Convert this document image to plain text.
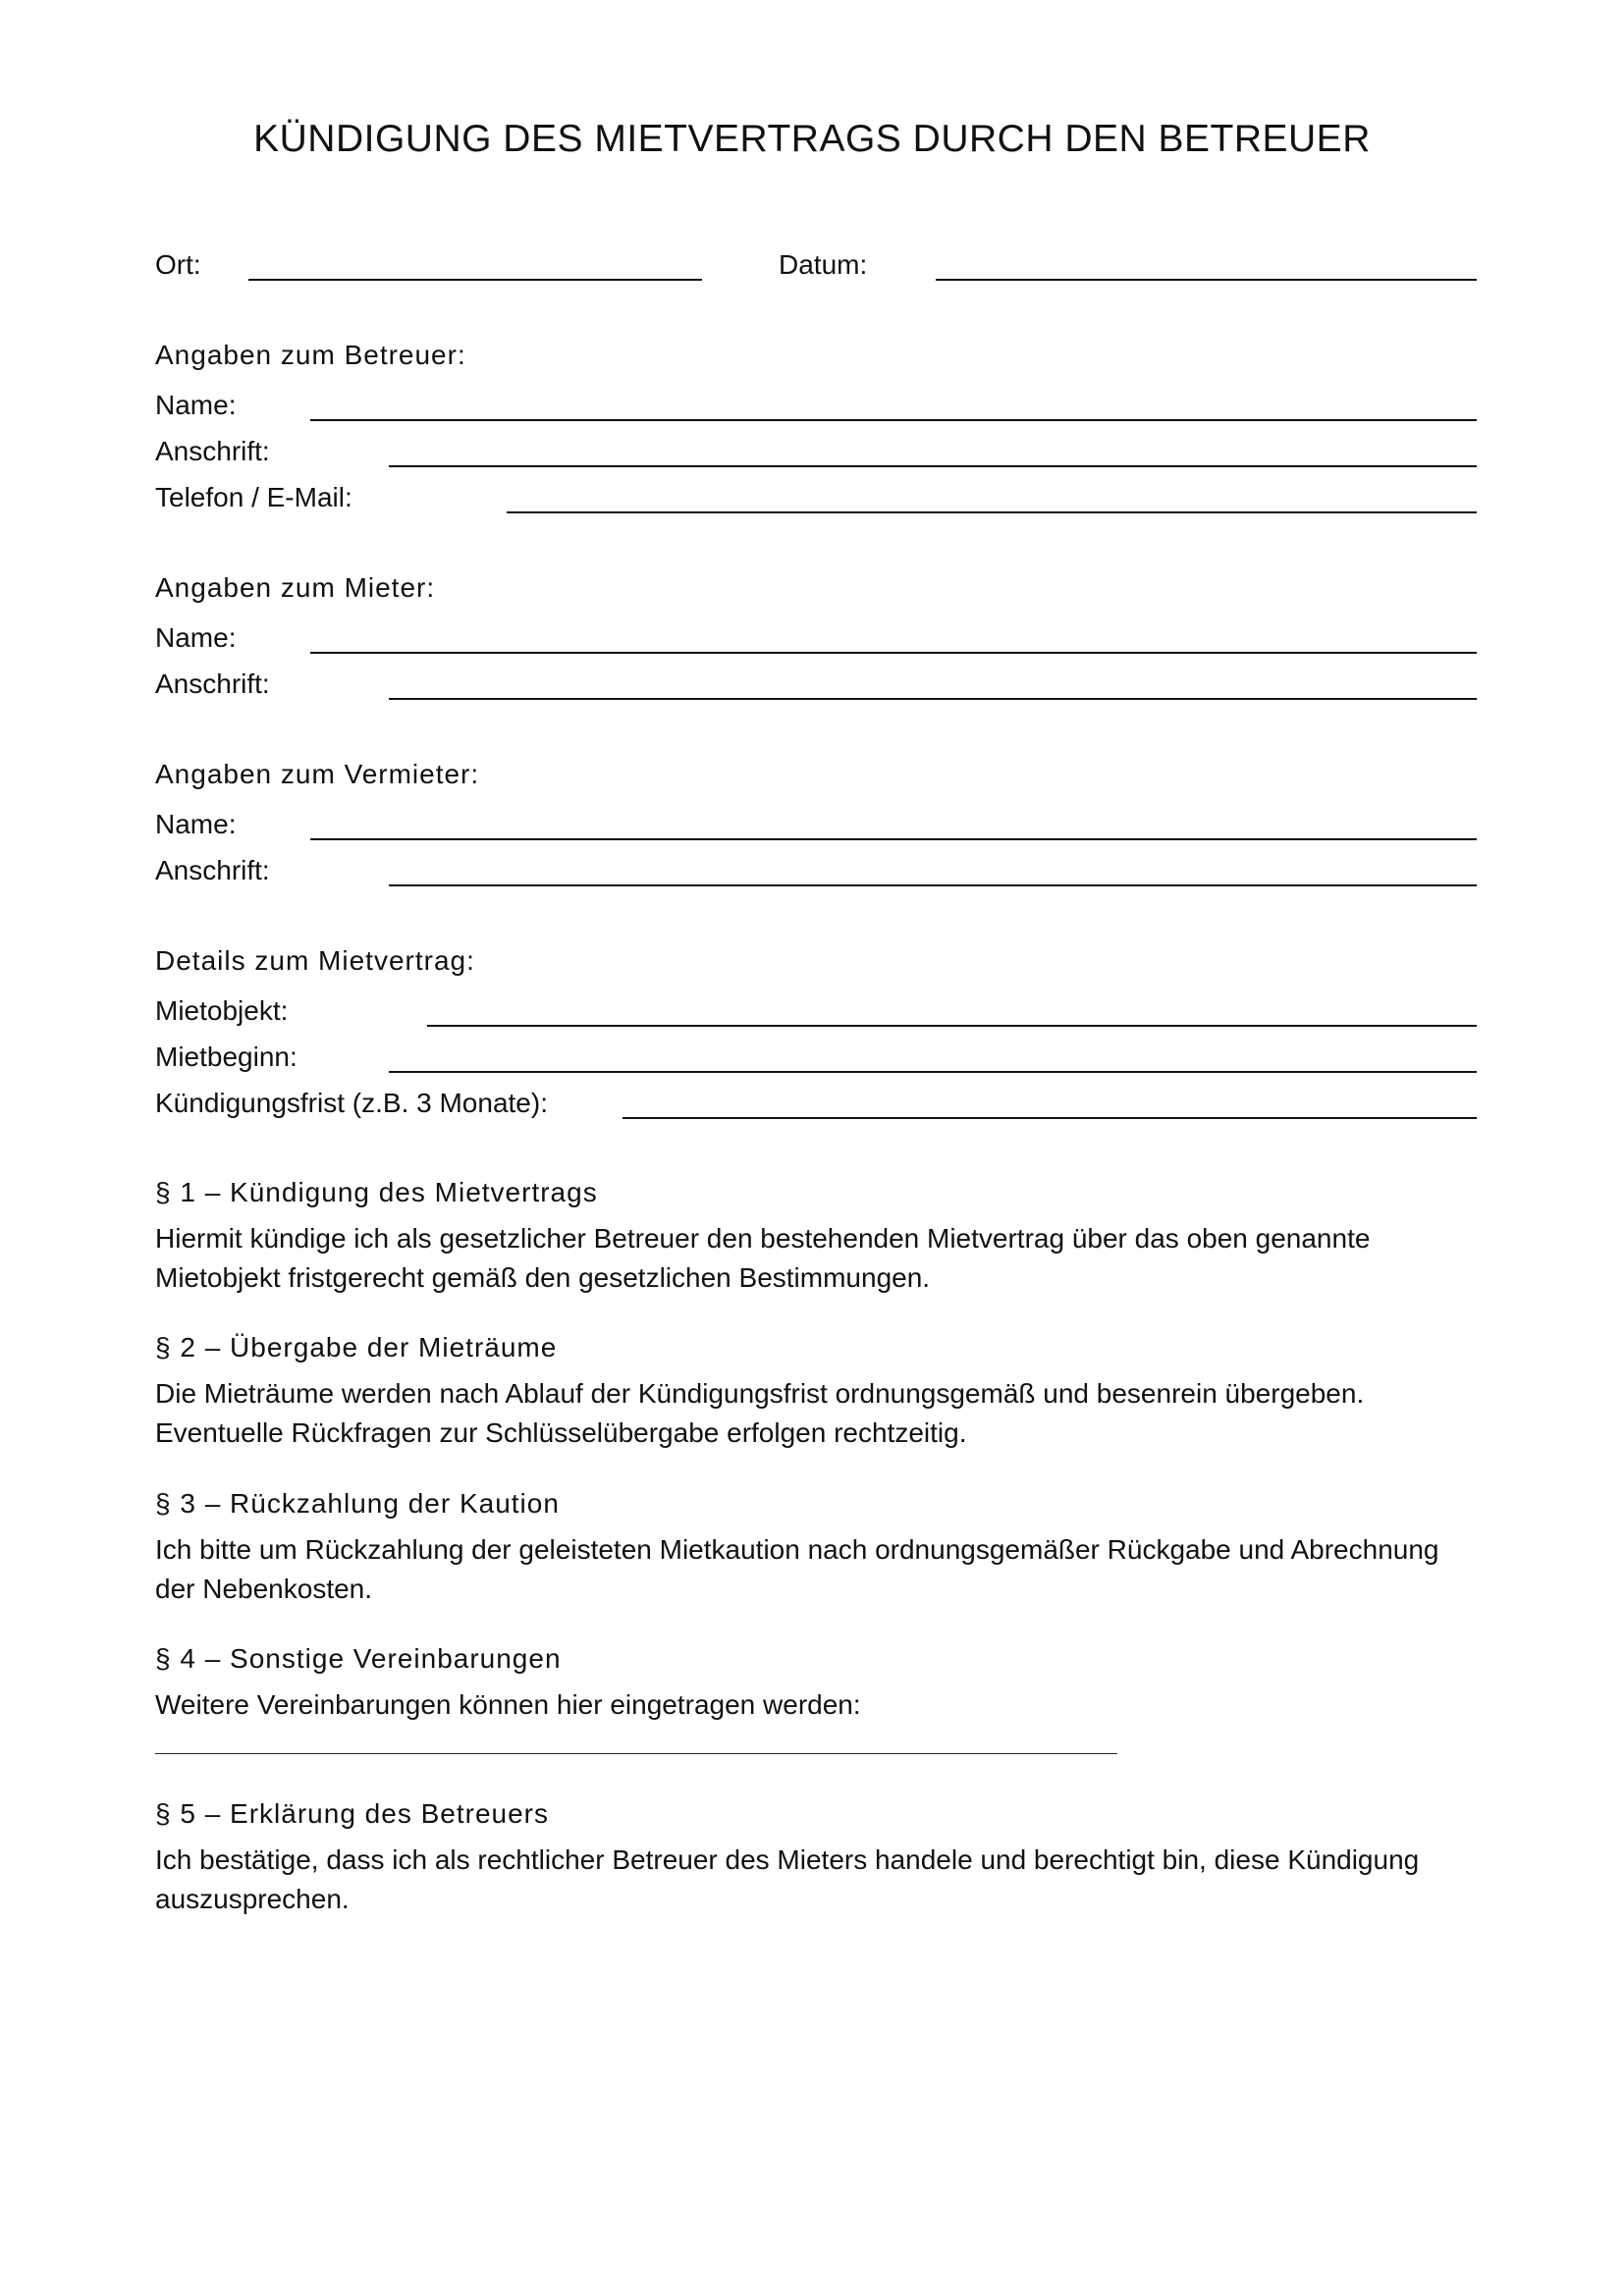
KÜNDIGUNG DES MIETVERTRAGS DURCH DEN BETREUER
Ort:	Datum:
Angaben zum Betreuer:
Name:
Anschrift:
Telefon / E-Mail:
Angaben zum Mieter:
Name:
Anschrift:
Angaben zum Vermieter:
Name:
Anschrift:
Details zum Mietvertrag:
Mietobjekt:
Mietbeginn:
Kündigungsfrist (z.B. 3 Monate):
§ 1 – Kündigung des Mietvertrags
Hiermit kündige ich als gesetzlicher Betreuer den bestehenden Mietvertrag über das oben genannte
Mietobjekt fristgerecht gemäß den gesetzlichen Bestimmungen.
§ 2 – Übergabe der Mieträume
Die Mieträume werden nach Ablauf der Kündigungsfrist ordnungsgemäß und besenrein übergeben.
Eventuelle Rückfragen zur Schlüsselübergabe erfolgen rechtzeitig.
§ 3 – Rückzahlung der Kaution
Ich bitte um Rückzahlung der geleisteten Mietkaution nach ordnungsgemäßer Rückgabe und Abrechnung
der Nebenkosten.
§ 4 – Sonstige Vereinbarungen
Weitere Vereinbarungen können hier eingetragen werden:
§ 5 – Erklärung des Betreuers
Ich bestätige, dass ich als rechtlicher Betreuer des Mieters handele und berechtigt bin, diese Kündigung
auszusprechen.
